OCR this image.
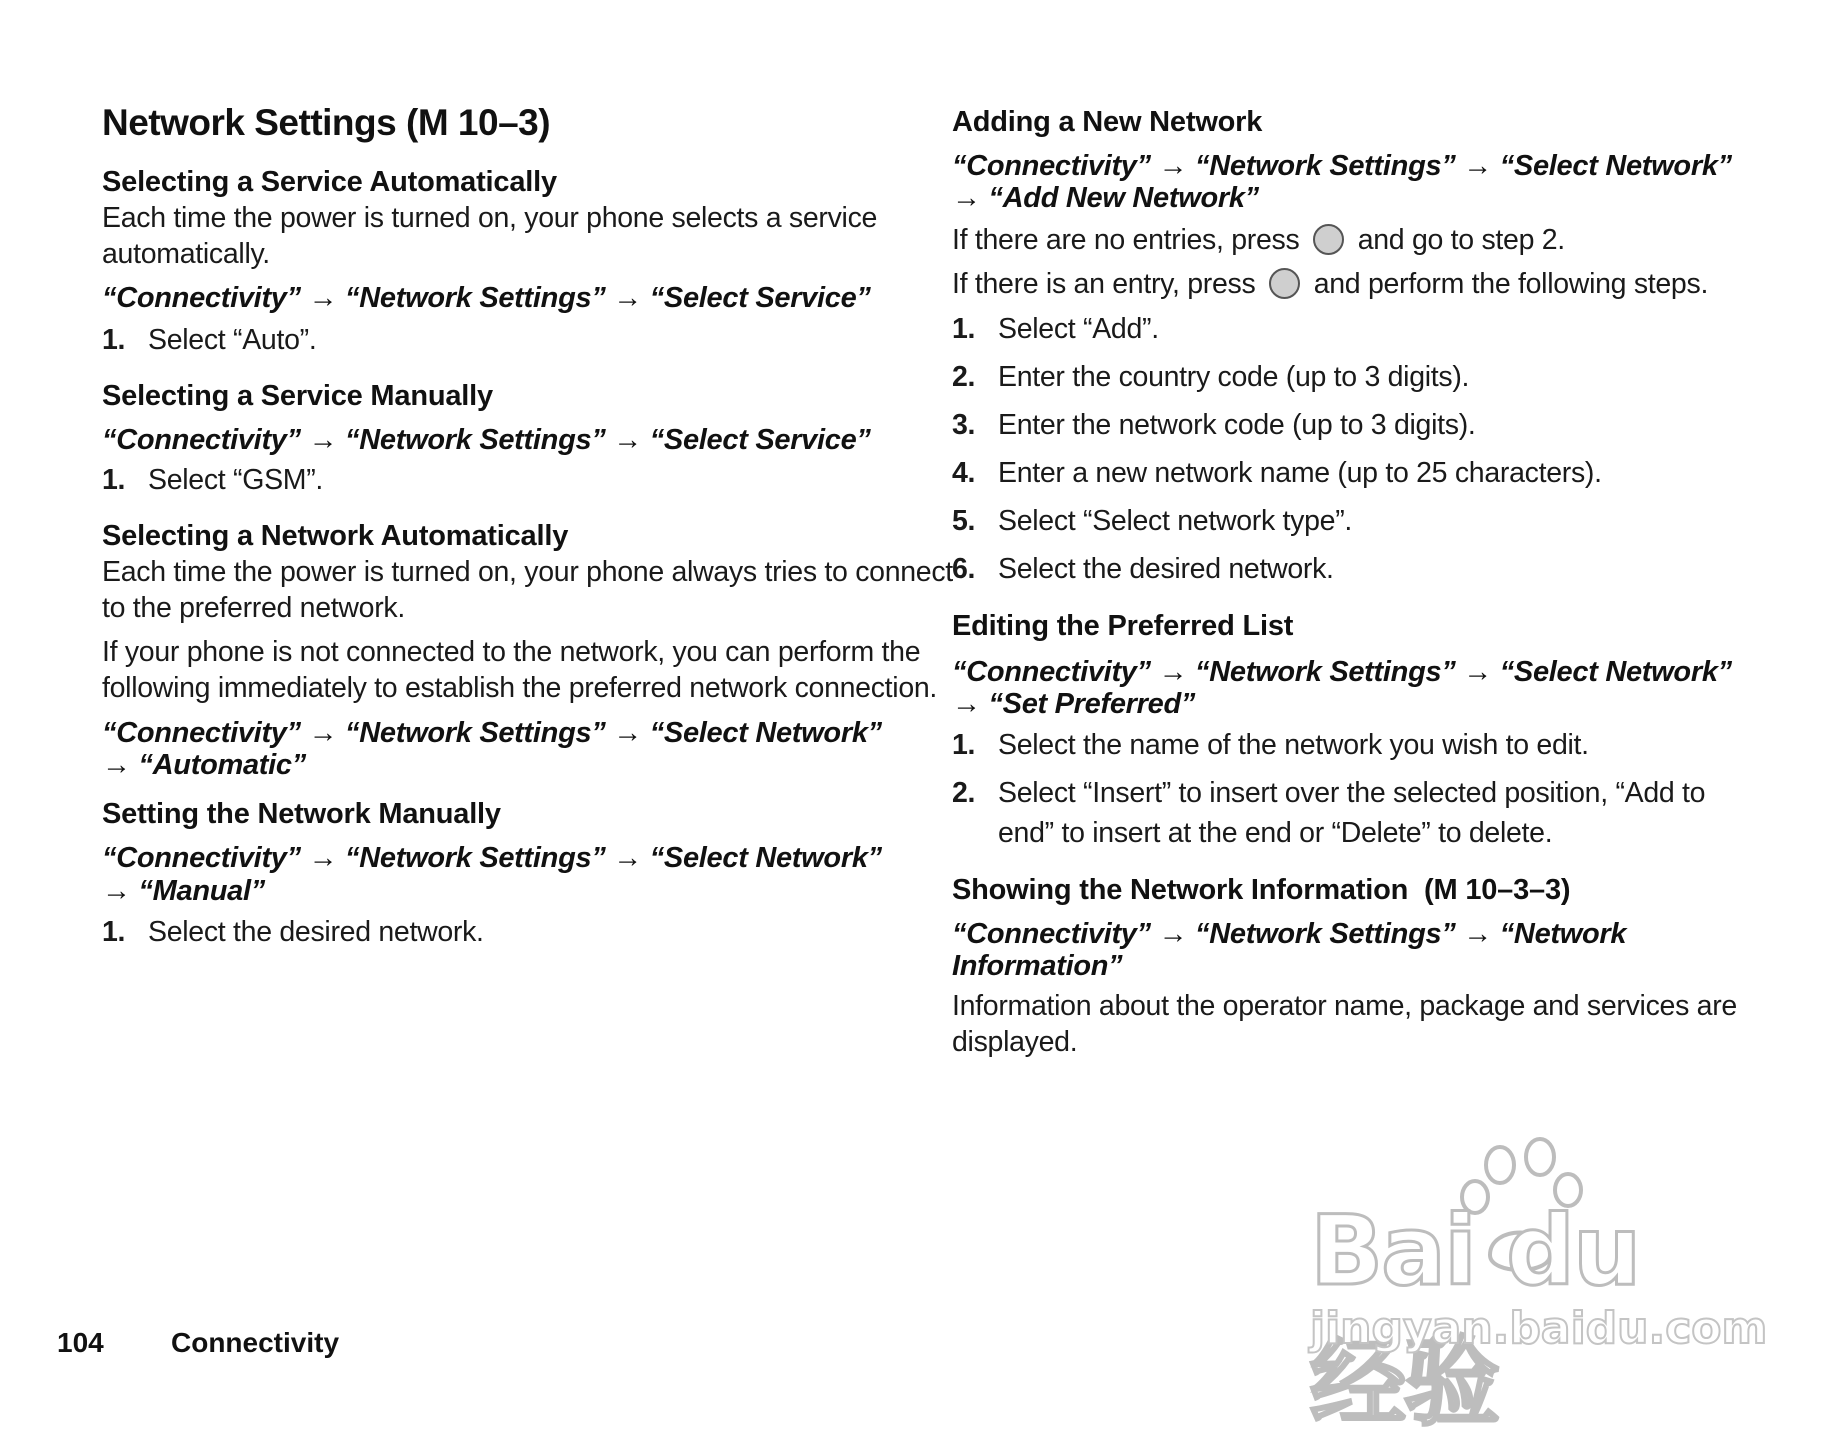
Network Settings (M 10–3)
Selecting a Service Automatically
Each time the power is turned on, your phone selects a service
automatically.
“Connectivity” → “Network Settings” → “Select Service”
1. Select “Auto”.
Selecting a Service Manually
“Connectivity” → “Network Settings” → “Select Service”
1. Select “GSM”.
Selecting a Network Automatically
Each time the power is turned on, your phone always tries to connect
to the preferred network.
If your phone is not connected to the network, you can perform the
following immediately to establish the preferred network connection.
“Connectivity” → “Network Settings” → “Select Network”
→ “Automatic”
Setting the Network Manually
“Connectivity” → “Network Settings” → “Select Network”
→ “Manual”
1. Select the desired network.
Adding a New Network
“Connectivity” → “Network Settings” → “Select Network”
→ “Add New Network”
If there are no entries, press and go to step 2.
If there is an entry, press and perform the following steps.
1. Select “Add”.
2. Enter the country code (up to 3 digits).
3. Enter the network code (up to 3 digits).
4. Enter a new network name (up to 25 characters).
5. Select “Select network type”.
6. Select the desired network.
Editing the Preferred List
“Connectivity” → “Network Settings” → “Select Network”
→ “Set Preferred”
1. Select the name of the network you wish to edit.
2. Select “Insert” to insert over the selected position, “Add to
end” to insert at the end or “Delete” to delete.
Showing the Network Information (M 10–3–3)
“Connectivity” → “Network Settings” → “Network
Information”
Information about the operator name, package and services are
displayed.
104 Connectivity
Bai du 经验
jingyan.baidu.com
